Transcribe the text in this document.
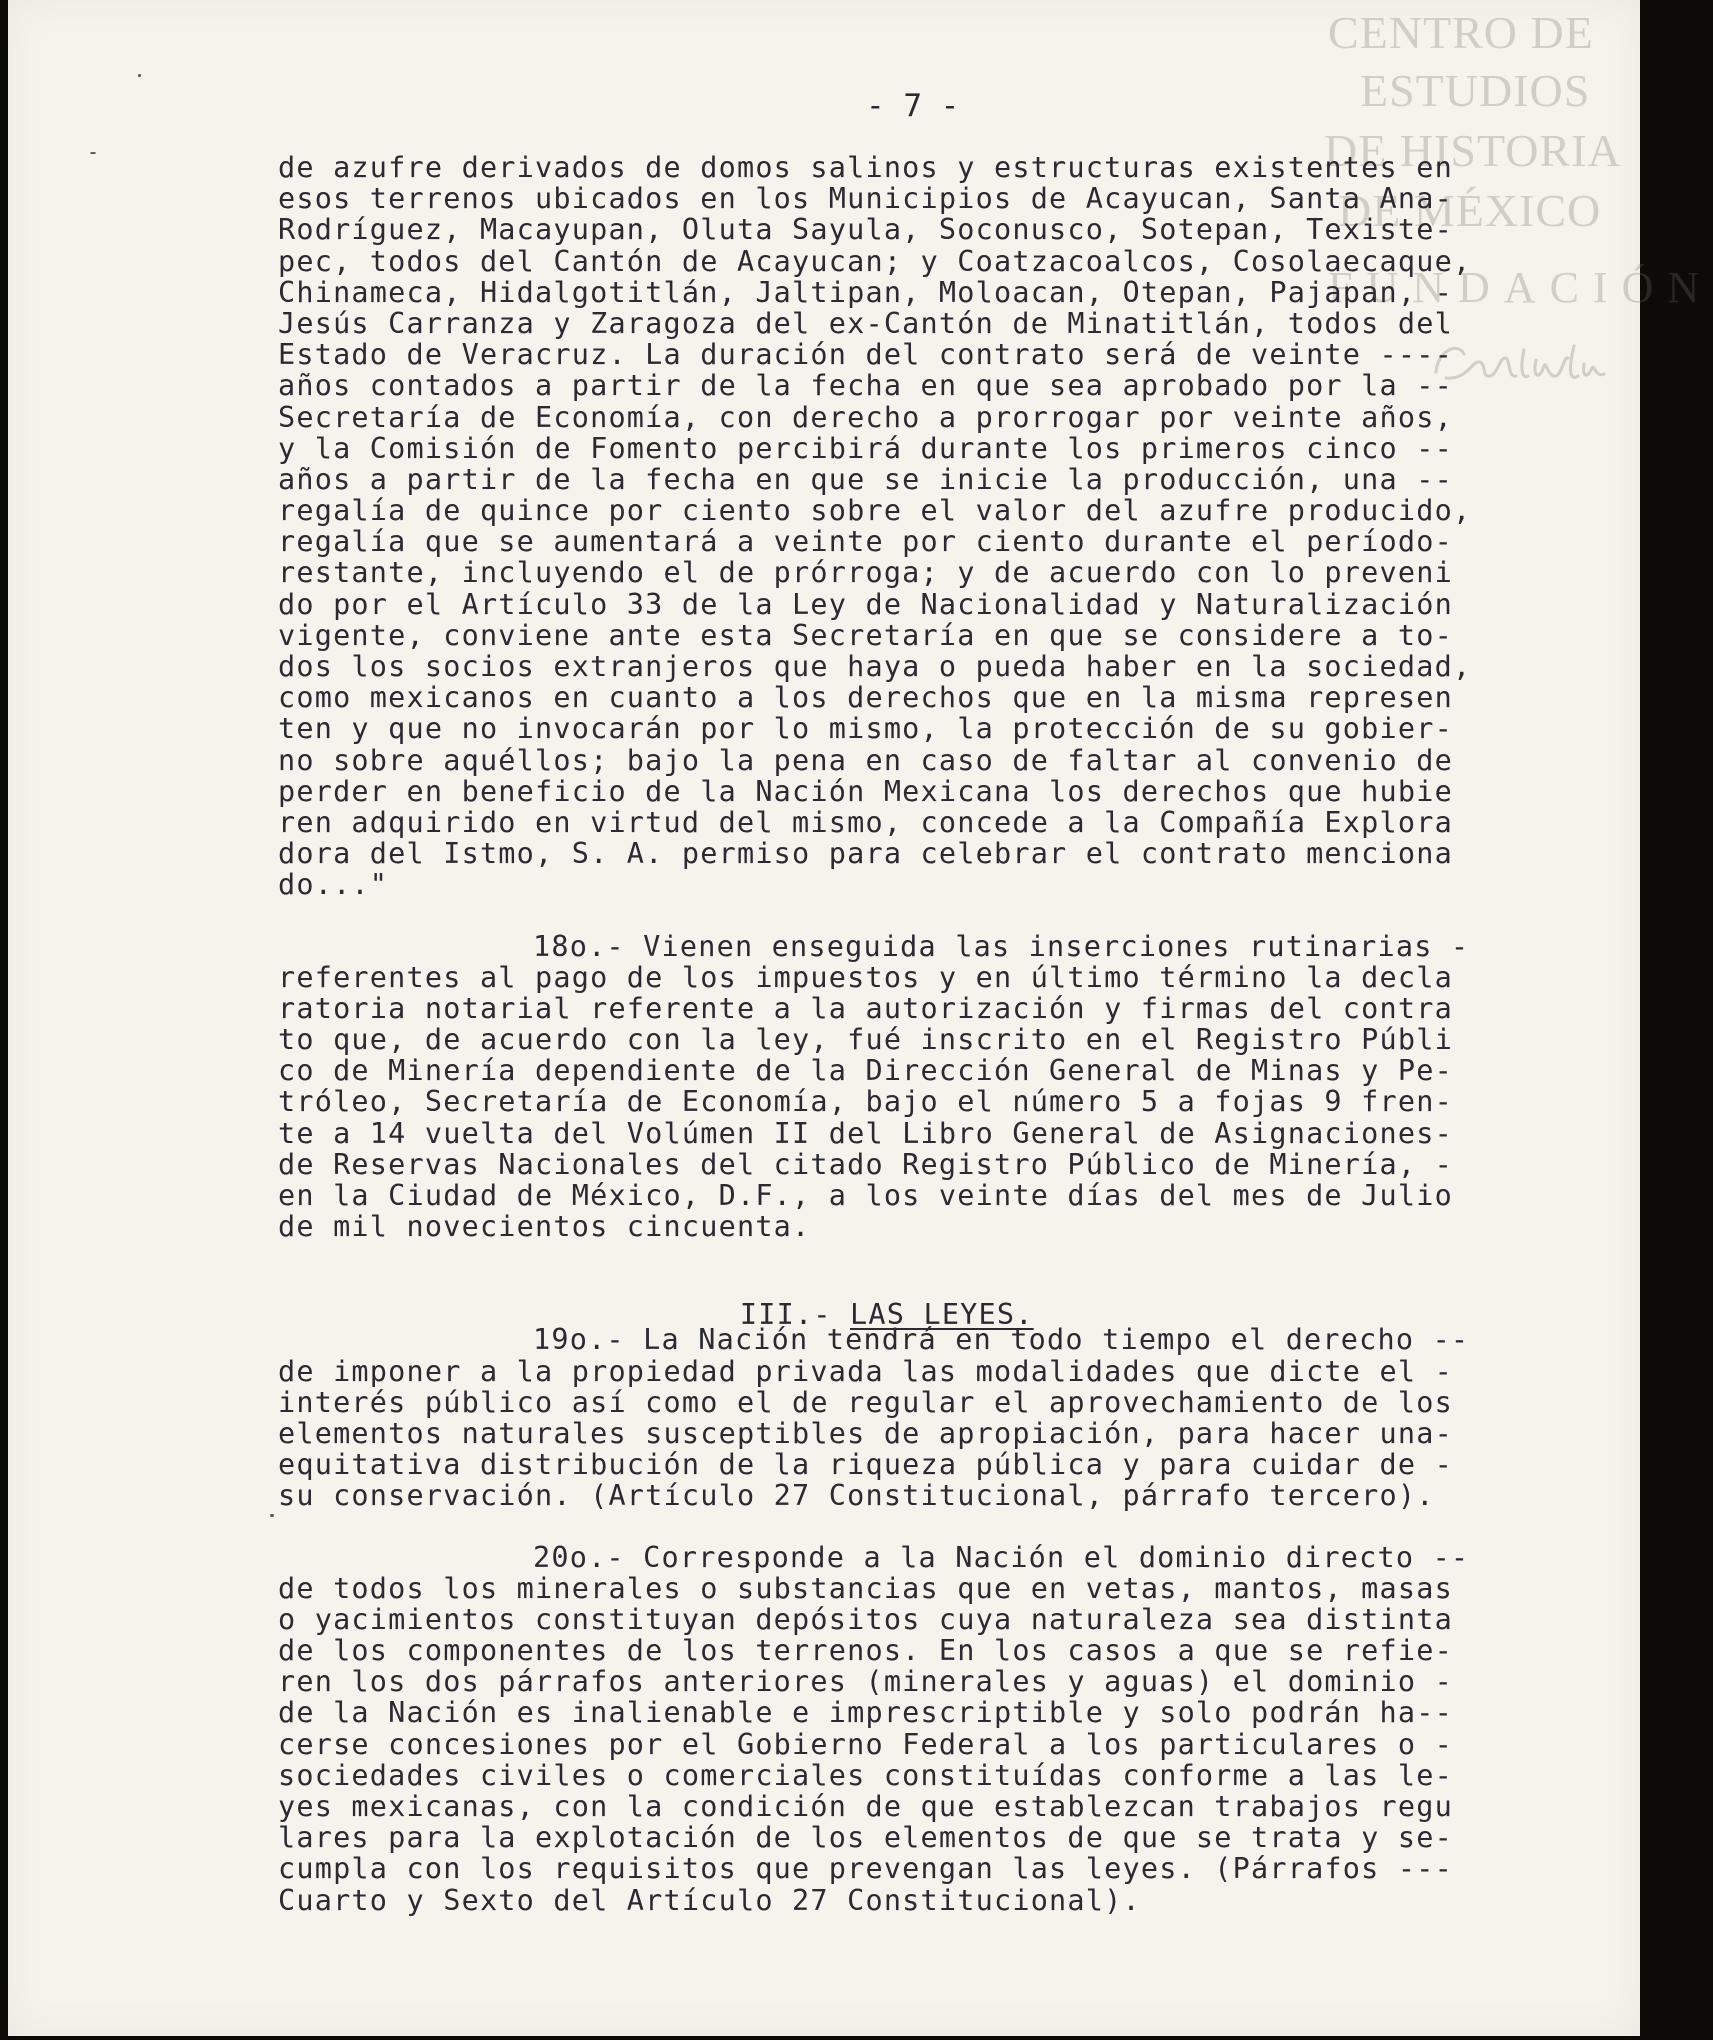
CENTRO DE
ESTUDIOS
DE HISTORIA
DE MÉXICO
FUNDACIÓN

- 7 -

de azufre derivados de domos salinos y estructuras existentes en
esos terrenos ubicados en los Municipios de Acayucan, Santa Ana-
Rodríguez, Macayupan, Oluta Sayula, Soconusco, Sotepan, Texiste-
pec, todos del Cantón de Acayucan; y Coatzacoalcos, Cosolaecaque,
Chinameca, Hidalgotitlán, Jaltipan, Moloacan, Otepan, Pajapan, -
Jesús Carranza y Zaragoza del ex-Cantón de Minatitlán, todos del
Estado de Veracruz. La duración del contrato será de veinte ----
años contados a partir de la fecha en que sea aprobado por la --
Secretaría de Economía, con derecho a prorrogar por veinte años,
y la Comisión de Fomento percibirá durante los primeros cinco --
años a partir de la fecha en que se inicie la producción, una --
regalía de quince por ciento sobre el valor del azufre producido,
regalía que se aumentará a veinte por ciento durante el período-
restante, incluyendo el de prórroga; y de acuerdo con lo preveni
do por el Artículo 33 de la Ley de Nacionalidad y Naturalización
vigente, conviene ante esta Secretaría en que se considere a to-
dos los socios extranjeros que haya o pueda haber en la sociedad,
como mexicanos en cuanto a los derechos que en la misma represen
ten y que no invocarán por lo mismo, la protección de su gobier-
no sobre aquéllos; bajo la pena en caso de faltar al convenio de
perder en beneficio de la Nación Mexicana los derechos que hubie
ren adquirido en virtud del mismo, concede a la Compañía Explora
dora del Istmo, S. A. permiso para celebrar el contrato menciona
do..."
18o.- Vienen enseguida las inserciones rutinarias -
referentes al pago de los impuestos y en último término la decla
ratoria notarial referente a la autorización y firmas del contra
to que, de acuerdo con la ley, fué inscrito en el Registro Públi
co de Minería dependiente de la Dirección General de Minas y Pe-
tróleo, Secretaría de Economía, bajo el número 5 a fojas 9 fren-
te a 14 vuelta del Volúmen II del Libro General de Asignaciones-
de Reservas Nacionales del citado Registro Público de Minería, -
en la Ciudad de México, D.F., a los veinte días del mes de Julio
de mil novecientos cincuenta.

III.- LAS LEYES.

19o.- La Nación tendrá en todo tiempo el derecho --
de imponer a la propiedad privada las modalidades que dicte el -
interés público así como el de regular el aprovechamiento de los
elementos naturales susceptibles de apropiación, para hacer una-
equitativa distribución de la riqueza pública y para cuidar de -
su conservación. (Artículo 27 Constitucional, párrafo tercero).
20o.- Corresponde a la Nación el dominio directo --
de todos los minerales o substancias que en vetas, mantos, masas
o yacimientos constituyan depósitos cuya naturaleza sea distinta
de los componentes de los terrenos. En los casos a que se refie-
ren los dos párrafos anteriores (minerales y aguas) el dominio -
de la Nación es inalienable e imprescriptible y solo podrán ha--
cerse concesiones por el Gobierno Federal a los particulares o -
sociedades civiles o comerciales constituídas conforme a las le-
yes mexicanas, con la condición de que establezcan trabajos regu
lares para la explotación de los elementos de que se trata y se-
cumpla con los requisitos que prevengan las leyes. (Párrafos ---
Cuarto y Sexto del Artículo 27 Constitucional).
